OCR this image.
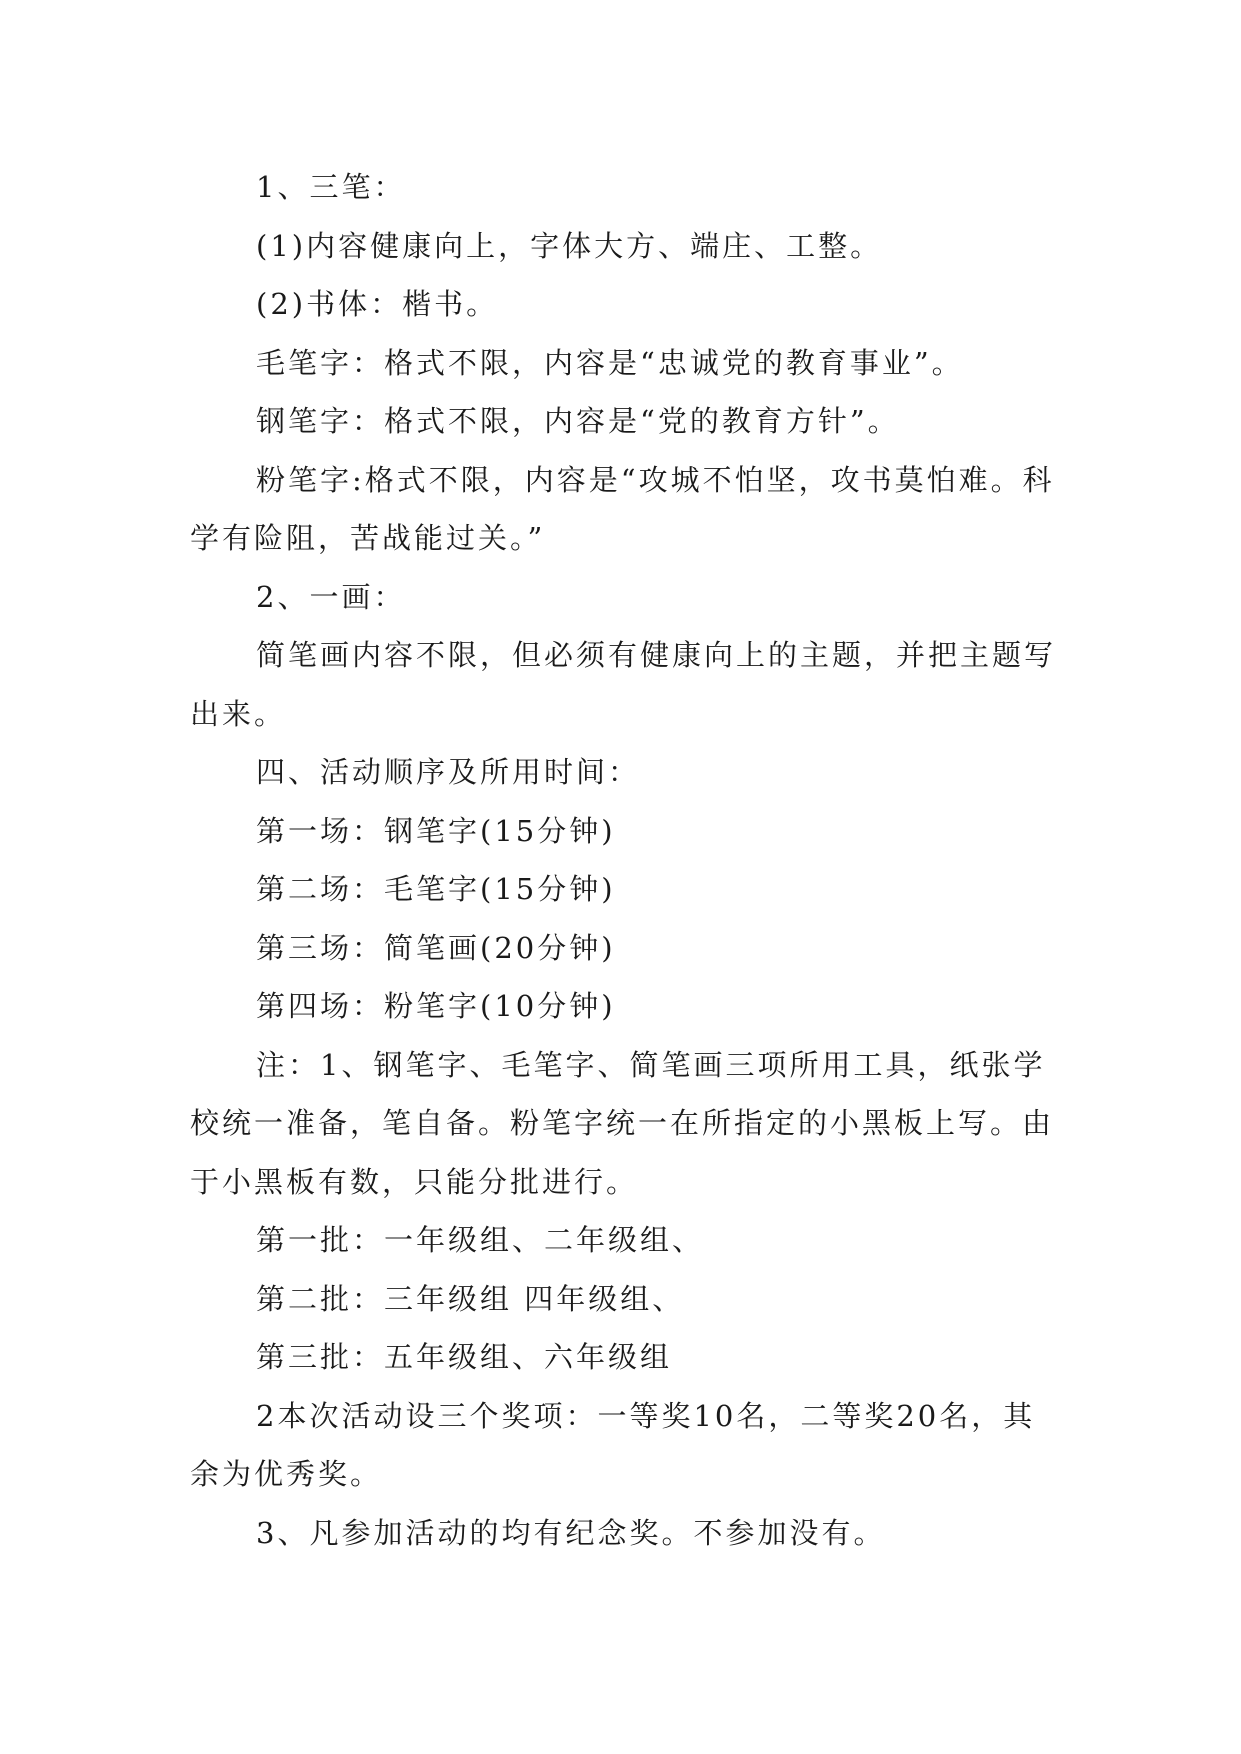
1、三笔：

(1)内容健康向上，字体大方、端庄、工整。

(2)书体：楷书。

毛笔字：格式不限，内容是“忠诚党的教育事业”。

钢笔字：格式不限，内容是“党的教育方针”。

粉笔字:格式不限，内容是“攻城不怕坚，攻书莫怕难。科学有险阻，苦战能过关。”

2、一画：

简笔画内容不限，但必须有健康向上的主题，并把主题写出来。

四、活动顺序及所用时间：

第一场：钢笔字(15分钟)

第二场：毛笔字(15分钟)

第三场：简笔画(20分钟)

第四场：粉笔字(10分钟)

注：1、钢笔字、毛笔字、简笔画三项所用工具，纸张学校统一准备，笔自备。粉笔字统一在所指定的小黑板上写。由于小黑板有数，只能分批进行。

第一批：一年级组、二年级组、

第二批：三年级组 四年级组、

第三批：五年级组、六年级组

2本次活动设三个奖项：一等奖10名，二等奖20名，其余为优秀奖。

3、凡参加活动的均有纪念奖。不参加没有。
